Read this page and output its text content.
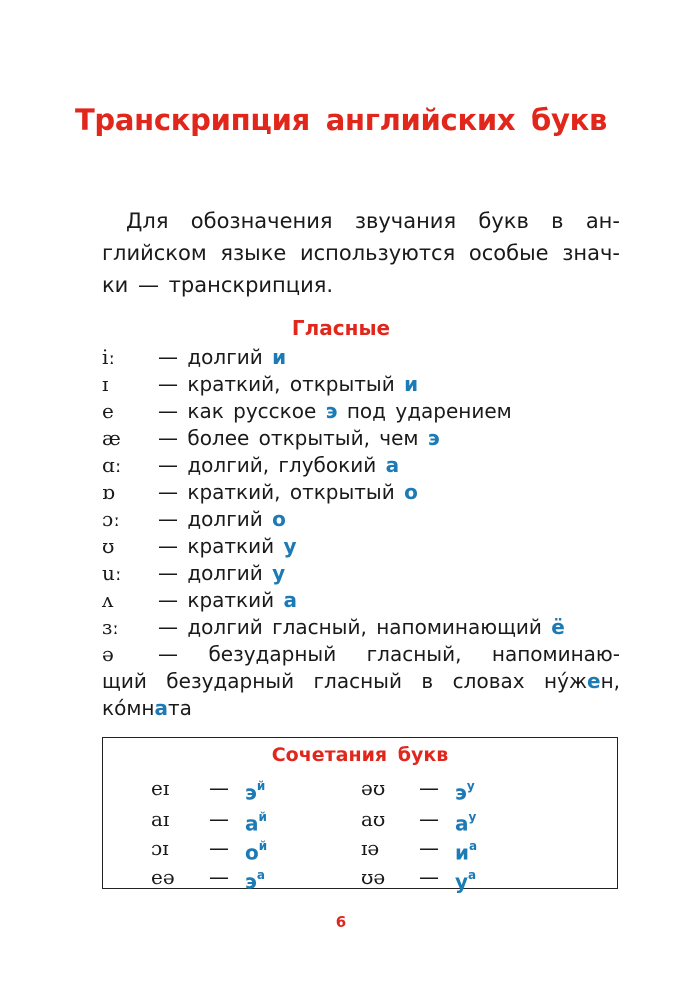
Транскрипция английских букв
Для обозначения звучания букв в ан-
глийском языке используются особые знач-
ки — транскрипция.
Гласные
iː	— долгий и
ɪ	— краткий, открытый и
e	— как русское э под ударением
æ	— более открытый, чем э
ɑː	— долгий, глубокий а
ɒ	— краткий, открытый о
ɔː	— долгий о
ʊ	— краткий у
uː	— долгий у
ʌ	— краткий а
ɜː	— долгий гласный, напоминающий ё
ə	— безударный гласный, напоминаю-
щий безударный гласный в словах ну́жен,
ко́мната
Сочетания букв
eɪ — $э^й$
aɪ — $а^й$
ɔɪ — $о^й$
eə — $э^а$
əʊ — $э^у$
aʊ — $а^у$
ɪə — $и^а$
ʊə — $у^а$
6
